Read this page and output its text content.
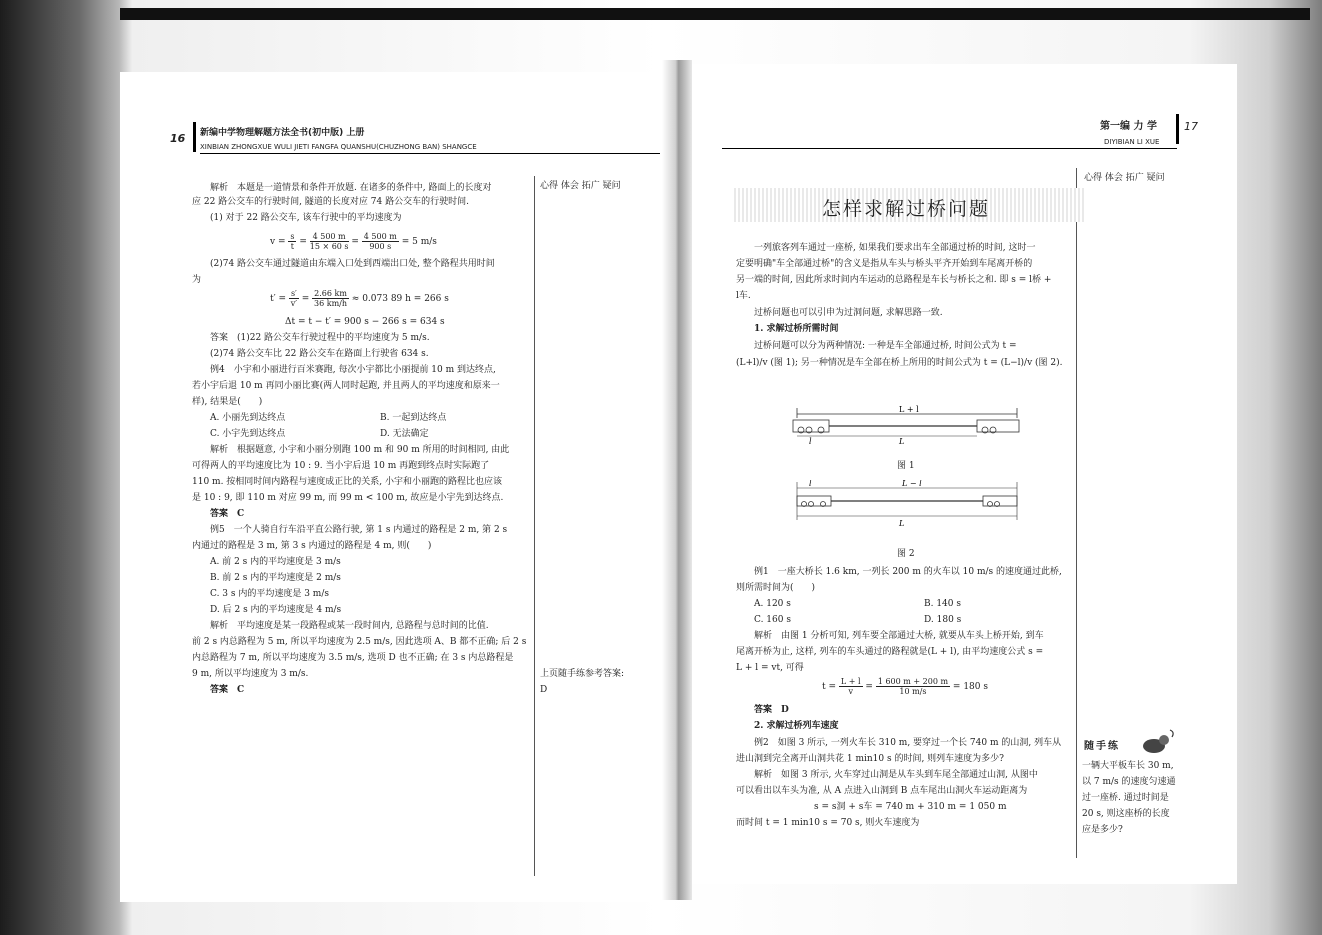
16 新编中学物理解题方法全书(初中版) 上册
XINBIAN ZHONGXUE WULI JIETI FANGFA QUANSHU(CHUZHONG BAN) SHANGCE
心得 体会 拓广 疑问
上页随手练参考答案:
D
解析　本题是一道情景和条件开放题. 在诸多的条件中, 路面上的长度对
应 22 路公交车的行驶时间, 隧道的长度对应 74 路公交车的行驶时间.
(1) 对于 22 路公交车, 该车行驶中的平均速度为
$v = \frac{s}{t} = \frac{4 500 m}{15 \times 60 s} = \frac{4 500 m}{900 s} = 5$ m/s
(2)74 路公交车通过隧道由东端入口处到西端出口处, 整个路程共用时间
为
$t' = \frac{s'}{v'} = \frac{2.66 km}{36 km/h} \approx 0.073$ 89 h = 266 s
Δt = t − t′ = 900 s − 266 s = 634 s
答案　(1)22 路公交车行驶过程中的平均速度为 5 m/s.
(2)74 路公交车比 22 路公交车在路面上行驶省 634 s.
例4　小宇和小丽进行百米赛跑, 每次小宇都比小丽提前 10 m 到达终点,
若小宇后退 10 m 再同小丽比赛(两人同时起跑, 并且两人的平均速度和原来一
样), 结果是(　　)
A. 小丽先到达终点	B. 一起到达终点
C. 小宇先到达终点	D. 无法确定
解析　根据题意, 小宇和小丽分别跑 100 m 和 90 m 所用的时间相同, 由此
可得两人的平均速度比为 10 : 9. 当小宇后退 10 m 再跑到终点时实际跑了
110 m. 按相同时间内路程与速度成正比的关系, 小宇和小丽跑的路程比也应该
是 10 : 9, 即 110 m 对应 99 m, 而 99 m < 100 m, 故应是小宇先到达终点.
答案　C
例5　一个人骑自行车沿平直公路行驶, 第 1 s 内通过的路程是 2 m, 第 2 s
内通过的路程是 3 m, 第 3 s 内通过的路程是 4 m, 则(　　)
A. 前 2 s 内的平均速度是 3 m/s
B. 前 2 s 内的平均速度是 2 m/s
C. 3 s 内的平均速度是 3 m/s
D. 后 2 s 内的平均速度是 4 m/s
解析　平均速度是某一段路程或某一段时间内, 总路程与总时间的比值.
前 2 s 内总路程为 5 m, 所以平均速度为 2.5 m/s, 因此选项 A、B 都不正确; 后 2 s
内总路程为 7 m, 所以平均速度为 3.5 m/s, 选项 D 也不正确; 在 3 s 内总路程是
9 m, 所以平均速度为 3 m/s.
答案　C
第一编 力 学
DIYIBIAN LI XUE
17
心得 体会 拓广 疑问
怎样求解过桥问题
一列旅客列车通过一座桥, 如果我们要求出车全部通过桥的时间, 这时一
定要明确"车全部通过桥"的含义是指从车头与桥头平齐开始到车尾离开桥的
另一端的时间, 因此所求时间内车运动的总路程是车长与桥长之和. 即 s = l桥 +
l车.
过桥问题也可以引申为过洞问题, 求解思路一致.
1. 求解过桥所需时间
过桥问题可以分为两种情况: 一种是车全部通过桥, 时间公式为 t =
(L+l)/v (图 1); 另一种情况是车全部在桥上所用的时间公式为 t = (L−l)/v (图 2).
L + l
l	L
图 1
l	L − l
L
图 2
例1　一座大桥长 1.6 km, 一列长 200 m 的火车以 10 m/s 的速度通过此桥,
则所需时间为(　　)
A. 120 s	B. 140 s
C. 160 s	D. 180 s
解析　由图 1 分析可知, 列车要全部通过大桥, 就要从车头上桥开始, 到车
尾离开桥为止, 这样, 列车的车头通过的路程就是(L + l), 由平均速度公式 s =
L + l = vt, 可得
$t = \frac{L + l}{v} = \frac{1 600 m + 200 m}{10 m/s} = 180$ s
答案　D
2. 求解过桥列车速度
例2　如图 3 所示, 一列火车长 310 m, 要穿过一个长 740 m 的山洞, 列车从
进山洞到完全离开山洞共花 1 min10 s 的时间, 则列车速度为多少?
解析　如图 3 所示, 火车穿过山洞是从车头到车尾全部通过山洞, 从图中
可以看出以车头为准, 从 A 点进入山洞到 B 点车尾出山洞火车运动距离为
s = s洞 + s车 = 740 m + 310 m = 1 050 m
而时间 t = 1 min10 s = 70 s, 则火车速度为
随手练
一辆大平板车长 30 m,
以 7 m/s 的速度匀速通
过一座桥. 通过时间是
20 s, 则这座桥的长度
应是多少?
